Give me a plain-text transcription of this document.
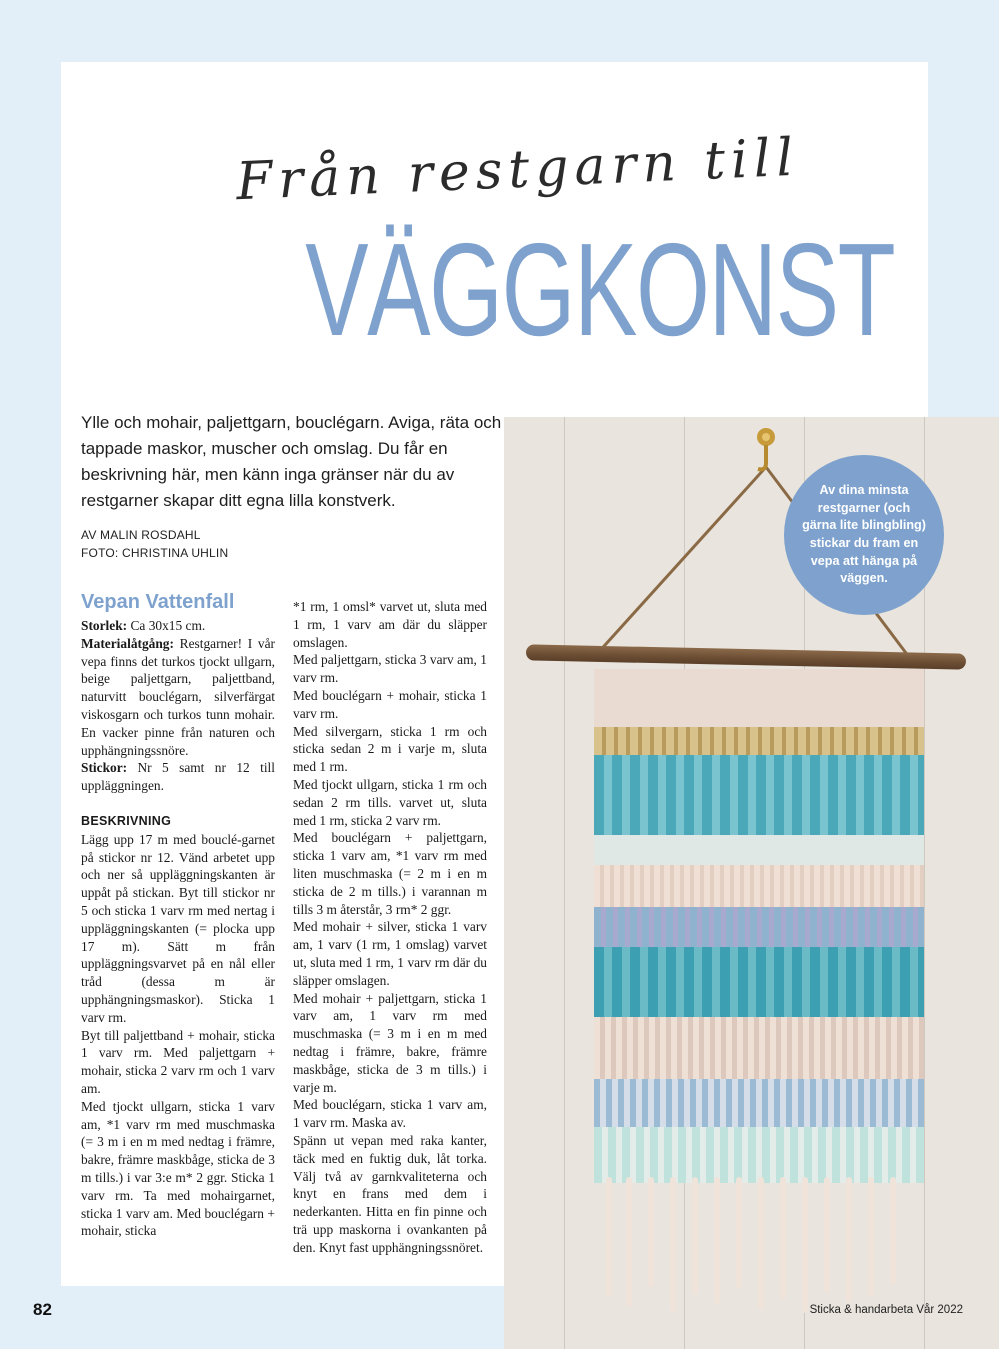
Från restgarn till
VÄGGKONST
Ylle och mohair, paljettgarn, bouclégarn. Aviga, räta och tappade maskor, muscher och omslag. Du får en beskrivning här, men känn inga gränser när du av restgarner skapar ditt egna lilla konstverk.
AV MALIN ROSDAHL
FOTO: CHRISTINA UHLIN
Vepan Vattenfall

Storlek: Ca 30x15 cm.

Materialåtgång: Restgarner! I vår vepa finns det turkos tjockt ullgarn, beige paljettgarn, paljettband, naturvitt bouclégarn, silverfärgat viskosgarn och turkos tunn mohair. En vacker pinne från naturen och upphängningssnöre.

Stickor: Nr 5 samt nr 12 till uppläggningen.

BESKRIVNING

Lägg upp 17 m med bouclé-garnet på stickor nr 12. Vänd arbetet upp och ner så uppläggningskanten är uppåt på stickan. Byt till stickor nr 5 och sticka 1 varv rm med nertag i uppläggningskanten (= plocka upp 17 m). Sätt m från uppläggningsvarvet på en nål eller tråd (dessa m är upphängningsmaskor). Sticka 1 varv rm.

Byt till paljettband + mohair, sticka 1 varv rm. Med paljettgarn + mohair, sticka 2 varv rm och 1 varv am.

Med tjockt ullgarn, sticka 1 varv am, *1 varv rm med muschmaska (= 3 m i en m med nedtag i främre, bakre, främre maskbåge, sticka de 3 m tills.) i var 3:e m* 2 ggr. Sticka 1 varv rm. Ta med mohairgarnet, sticka 1 varv am. Med bouclégarn + mohair, sticka

*1 rm, 1 omsl* varvet ut, sluta med 1 rm, 1 varv am där du släpper omslagen.

Med paljettgarn, sticka 3 varv am, 1 varv rm.

Med bouclégarn + mohair, sticka 1 varv rm.

Med silvergarn, sticka 1 rm och sticka sedan 2 m i varje m, sluta med 1 rm.

Med tjockt ullgarn, sticka 1 rm och sedan 2 rm tills. varvet ut, sluta med 1 rm, sticka 2 varv rm.

Med bouclégarn + paljettgarn, sticka 1 varv am, *1 varv rm med liten muschmaska (= 2 m i en m sticka de 2 m tills.) i varannan m tills 3 m återstår, 3 rm* 2 ggr.

Med mohair + silver, sticka 1 varv am, 1 varv (1 rm, 1 omslag) varvet ut, sluta med 1 rm, 1 varv rm där du släpper omslagen.

Med mohair + paljettgarn, sticka 1 varv am, 1 varv rm med muschmaska (= 3 m i en m med nedtag i främre, bakre, främre maskbåge, sticka de 3 m tills.) i varje m.

Med bouclégarn, sticka 1 varv am, 1 varv rm. Maska av.

Spänn ut vepan med raka kanter, täck med en fuktig duk, låt torka. Välj två av garnkvaliteterna och knyt en frans med dem i nederkanten. Hitta en fin pinne och trä upp maskorna i ovankanten på den. Knyt fast upphängningssnöret.

Av dina minsta restgarner (och gärna lite blingbling) stickar du fram en vepa att hänga på väggen.
82	Sticka & handarbeta Vår 2022
